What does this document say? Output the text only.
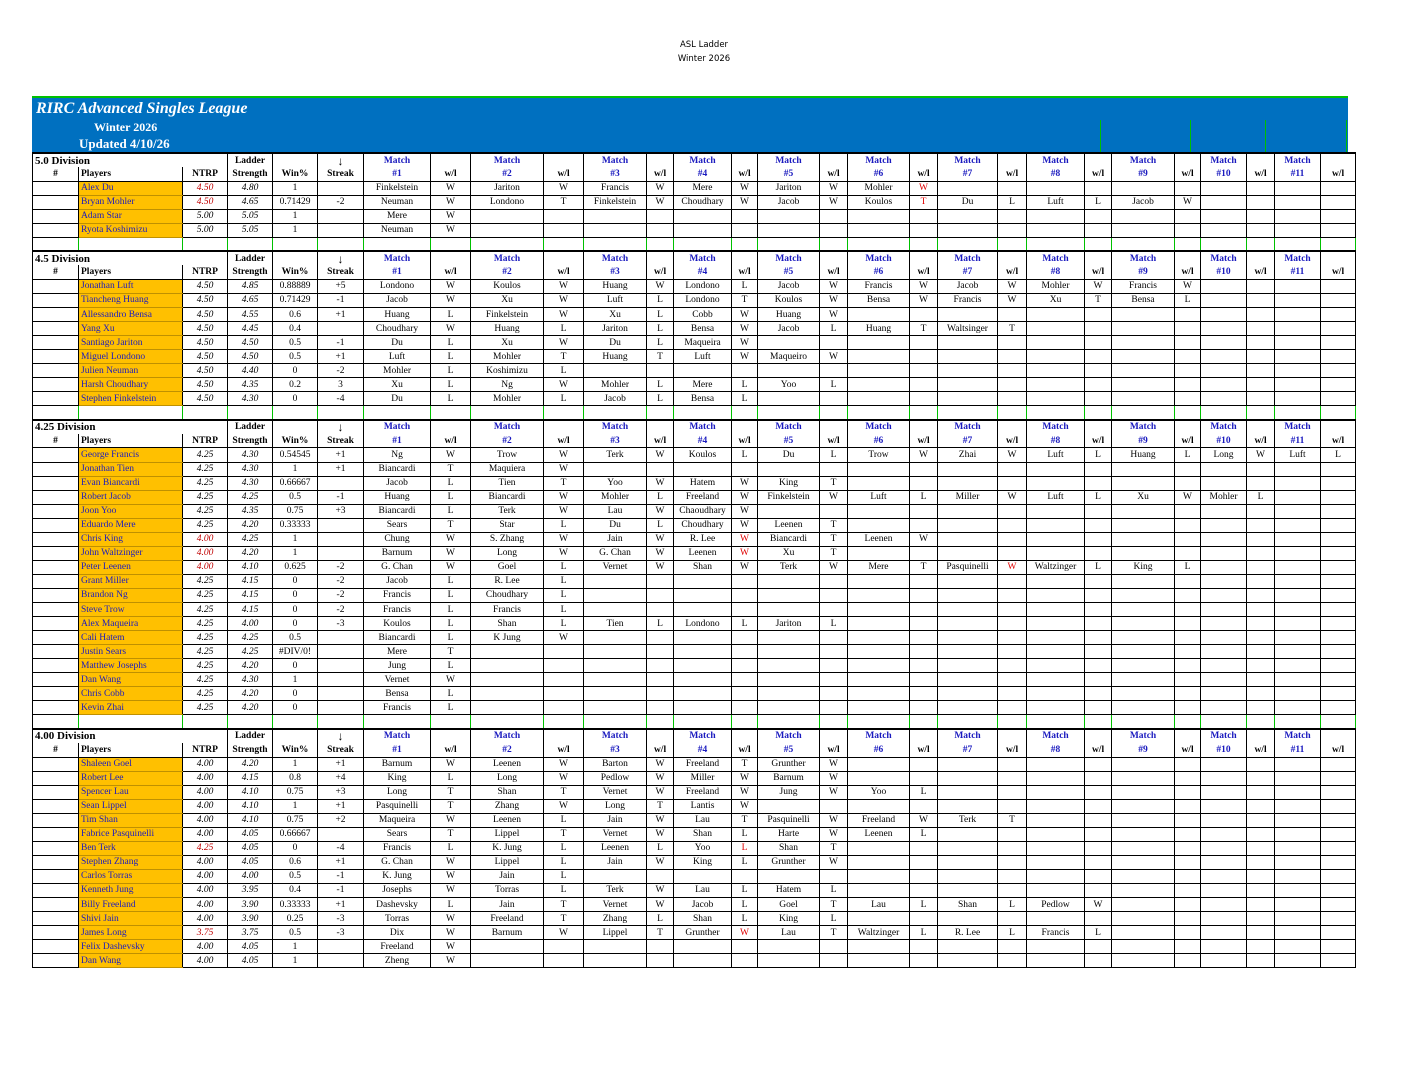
ASL Ladder
Winter 2026
RIRC Advanced Singles League
Winter 2026
Updated 4/10/26
5.0 Division			Ladder		↓	Match		Match		Match		Match		Match		Match		Match		Match		Match		Match		Match	
#	Players	NTRP	Strength	Win%	Streak	#1	w/l	#2	w/l	#3	w/l	#4	w/l	#5	w/l	#6	w/l	#7	w/l	#8	w/l	#9	w/l	#10	w/l	#11	w/l
	Alex Du	4.50	4.80	1		Finkelstein	W	Jariton	W	Francis	W	Mere	W	Jariton	W	Mohler	W										
	Bryan Mohler	4.50	4.65	0.71429	-2	Neuman	W	Londono	T	Finkelstein	W	Choudhary	W	Jacob	W	Koulos	T	Du	L	Luft	L	Jacob	W				
	Adam Star	5.00	5.05	1		Mere	W																				
	Ryota Koshimizu	5.00	5.05	1		Neuman	W																				

4.5 Division			Ladder		↓	Match		Match		Match		Match		Match		Match		Match		Match		Match		Match		Match	
#	Players	NTRP	Strength	Win%	Streak	#1	w/l	#2	w/l	#3	w/l	#4	w/l	#5	w/l	#6	w/l	#7	w/l	#8	w/l	#9	w/l	#10	w/l	#11	w/l
	Jonathan Luft	4.50	4.85	0.88889	+5	Londono	W	Koulos	W	Huang	W	Londono	L	Jacob	W	Francis	W	Jacob	W	Mohler	W	Francis	W				
	Tiancheng Huang	4.50	4.65	0.71429	-1	Jacob	W	Xu	W	Luft	L	Londono	T	Koulos	W	Bensa	W	Francis	W	Xu	T	Bensa	L				
	Allessandro Bensa	4.50	4.55	0.6	+1	Huang	L	Finkelstein	W	Xu	L	Cobb	W	Huang	W												
	Yang Xu	4.50	4.45	0.4		Choudhary	W	Huang	L	Jariton	L	Bensa	W	Jacob	L	Huang	T	Waltsinger	T								
	Santiago Jariton	4.50	4.50	0.5	-1	Du	L	Xu	W	Du	L	Maqueira	W														
	Miguel Londono	4.50	4.50	0.5	+1	Luft	L	Mohler	T	Huang	T	Luft	W	Maqueiro	W												
	Julien Neuman	4.50	4.40	0	-2	Mohler	L	Koshimizu	L																		
	Harsh Choudhary	4.50	4.35	0.2	3	Xu	L	Ng	W	Mohler	L	Mere	L	Yoo	L												
	Stephen Finkelstein	4.50	4.30	0	-4	Du	L	Mohler	L	Jacob	L	Bensa	L														

4.25 Division			Ladder		↓	Match		Match		Match		Match		Match		Match		Match		Match		Match		Match		Match	
#	Players	NTRP	Strength	Win%	Streak	#1	w/l	#2	w/l	#3	w/l	#4	w/l	#5	w/l	#6	w/l	#7	w/l	#8	w/l	#9	w/l	#10	w/l	#11	w/l
	George Francis	4.25	4.30	0.54545	+1	Ng	W	Trow	W	Terk	W	Koulos	L	Du	L	Trow	W	Zhai	W	Luft	L	Huang	L	Long	W	Luft	L
	Jonathan Tien	4.25	4.30	1	+1	Biancardi	T	Maquiera	W																		
	Evan Biancardi	4.25	4.30	0.66667		Jacob	L	Tien	T	Yoo	W	Hatem	W	King	T												
	Robert Jacob	4.25	4.25	0.5	-1	Huang	L	Biancardi	W	Mohler	L	Freeland	W	Finkelstein	W	Luft	L	Miller	W	Luft	L	Xu	W	Mohler	L		
	Joon Yoo	4.25	4.35	0.75	+3	Biancardi	L	Terk	W	Lau	W	Chaoudhary	W														
	Eduardo Mere	4.25	4.20	0.33333		Sears	T	Star	L	Du	L	Choudhary	W	Leenen	T												
	Chris King	4.00	4.25	1		Chung	W	S. Zhang	W	Jain	W	R. Lee	W	Biancardi	T	Leenen	W										
	John Waltzinger	4.00	4.20	1		Barnum	W	Long	W	G. Chan	W	Leenen	W	Xu	T												
	Peter Leenen	4.00	4.10	0.625	-2	G. Chan	W	Goel	L	Vernet	W	Shan	W	Terk	W	Mere	T	Pasquinelli	W	Waltzinger	L	King	L				
	Grant Miller	4.25	4.15	0	-2	Jacob	L	R. Lee	L																		
	Brandon Ng	4.25	4.15	0	-2	Francis	L	Choudhary	L																		
	Steve Trow	4.25	4.15	0	-2	Francis	L	Francis	L																		
	Alex Maqueira	4.25	4.00	0	-3	Koulos	L	Shan	L	Tien	L	Londono	L	Jariton	L												
	Cali Hatem	4.25	4.25	0.5		Biancardi	L	K Jung	W																		
	Justin Sears	4.25	4.25	#DIV/0!		Mere	T																				
	Matthew Josephs	4.25	4.20	0		Jung	L																				
	Dan Wang	4.25	4.30	1		Vernet	W																				
	Chris Cobb	4.25	4.20	0		Bensa	L																				
	Kevin Zhai	4.25	4.20	0		Francis	L																				

4.00 Division			Ladder		↓	Match		Match		Match		Match		Match		Match		Match		Match		Match		Match		Match	
#	Players	NTRP	Strength	Win%	Streak	#1	w/l	#2	w/l	#3	w/l	#4	w/l	#5	w/l	#6	w/l	#7	w/l	#8	w/l	#9	w/l	#10	w/l	#11	w/l
	Shaleen Goel	4.00	4.20	1	+1	Barnum	W	Leenen	W	Barton	W	Freeland	T	Grunther	W												
	Robert Lee	4.00	4.15	0.8	+4	King	L	Long	W	Pedlow	W	Miller	W	Barnum	W												
	Spencer Lau	4.00	4.10	0.75	+3	Long	T	Shan	T	Vernet	W	Freeland	W	Jung	W	Yoo	L										
	Sean Lippel	4.00	4.10	1	+1	Pasquinelli	T	Zhang	W	Long	T	Lantis	W														
	Tim Shan	4.00	4.10	0.75	+2	Maqueira	W	Leenen	L	Jain	W	Lau	T	Pasquinelli	W	Freeland	W	Terk	T								
	Fabrice Pasquinelli	4.00	4.05	0.66667		Sears	T	Lippel	T	Vernet	W	Shan	L	Harte	W	Leenen	L										
	Ben Terk	4.25	4.05	0	-4	Francis	L	K. Jung	L	Leenen	L	Yoo	L	Shan	T												
	Stephen Zhang	4.00	4.05	0.6	+1	G. Chan	W	Lippel	L	Jain	W	King	L	Grunther	W												
	Carlos Torras	4.00	4.00	0.5	-1	K. Jung	W	Jain	L																		
	Kenneth Jung	4.00	3.95	0.4	-1	Josephs	W	Torras	L	Terk	W	Lau	L	Hatem	L												
	Billy Freeland	4.00	3.90	0.33333	+1	Dashevsky	L	Jain	T	Vernet	W	Jacob	L	Goel	T	Lau	L	Shan	L	Pedlow	W						
	Shivi Jain	4.00	3.90	0.25	-3	Torras	W	Freeland	T	Zhang	L	Shan	L	King	L												
	James Long	3.75	3.75	0.5	-3	Dix	W	Barnum	W	Lippel	T	Grunther	W	Lau	T	Waltzinger	L	R. Lee	L	Francis	L						
	Felix Dashevsky	4.00	4.05	1		Freeland	W																				
	Dan Wang	4.00	4.05	1		Zheng	W																				
